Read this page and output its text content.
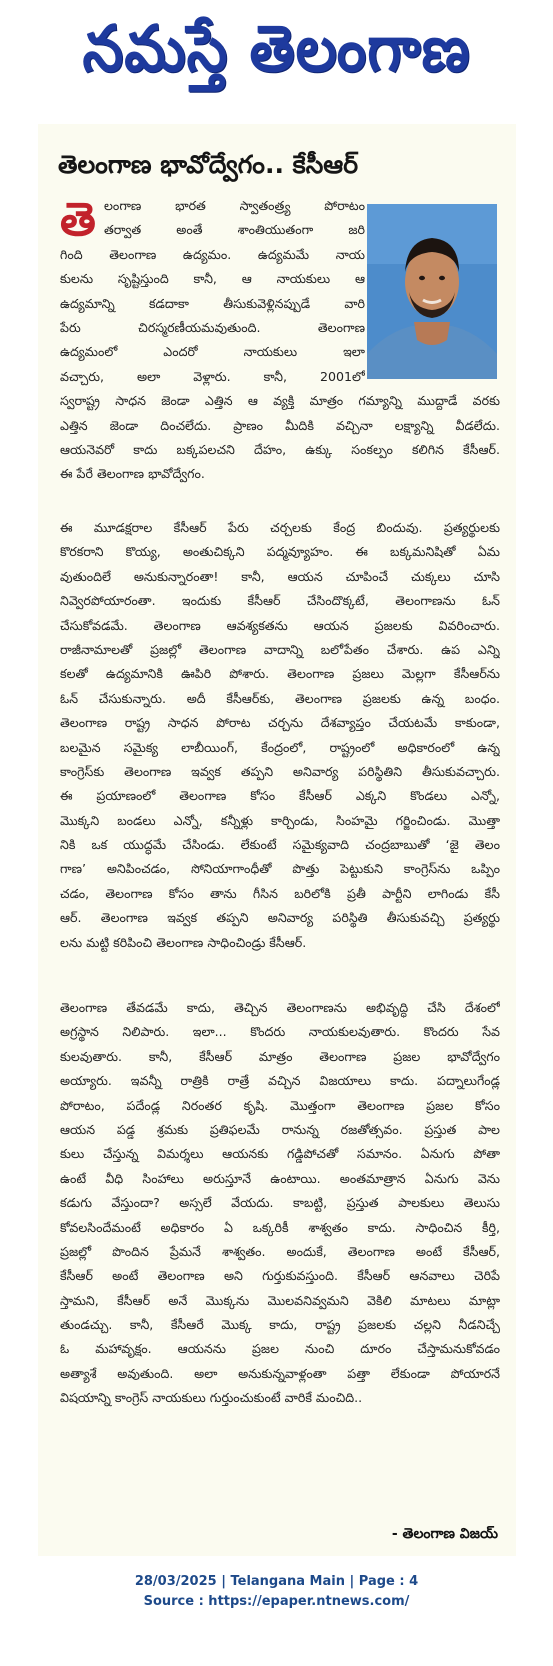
నమస్తే తెలంగాణ
తెలంగాణ భావోద్వేగం.. కేసీఆర్
తె లంగాణ భారత స్వాతంత్ర్య పోరాటం
తర్వాత అంతే శాంతియుతంగా జరి
గింది తెలంగాణ ఉద్యమం. ఉద్యమమే నాయ
కులను సృష్టిస్తుంది కానీ, ఆ నాయకులు ఆ
ఉద్యమాన్ని కడదాకా తీసుకువెళ్లినప్పుడే వారి
పేరు చిరస్మరణీయమవుతుంది. తెలంగాణ
ఉద్యమంలో ఎందరో నాయకులు ఇలా
వచ్చారు, అలా వెళ్లారు. కానీ, 2001లో
స్వరాష్ట్ర సాధన జెండా ఎత్తిన ఆ వ్యక్తి మాత్రం గమ్యాన్ని ముద్దాడే వరకు
ఎత్తిన జెండా దించలేదు. ప్రాణం మీదికి వచ్చినా లక్ష్యాన్ని వీడలేదు.
ఆయనెవరో కాదు బక్కపలచని దేహం, ఉక్కు సంకల్పం కలిగిన కేసీఆర్.
ఈ పేరే తెలంగాణ భావోద్వేగం.
ఈ మూడక్షరాల కేసీఆర్ పేరు చర్చలకు కేంద్ర బిందువు. ప్రత్యర్థులకు
కొరకరాని కొయ్య, అంతుచిక్కని పద్మవ్యూహం. ఈ బక్కమనిషితో ఏమ
వుతుందిలే అనుకున్నారంతా! కానీ, ఆయన చూపించే చుక్కలు చూసి
నివ్వెరపోయారంతా. ఇందుకు కేసీఆర్ చేసిందొక్కటే, తెలంగాణను ఓన్
చేసుకోవడమే. తెలంగాణ ఆవశ్యకతను ఆయన ప్రజలకు వివరించారు.
రాజీనామాలతో ప్రజల్లో తెలంగాణ వాదాన్ని బలోపేతం చేశారు. ఉప ఎన్ని
కలతో ఉద్యమానికి ఊపిరి పోశారు. తెలంగాణ ప్రజలు మెల్లగా కేసీఆర్‌ను
ఓన్ చేసుకున్నారు. అదీ కేసీఆర్‌కు, తెలంగాణ ప్రజలకు ఉన్న బంధం.
తెలంగాణ రాష్ట్ర సాధన పోరాట చర్చను దేశవ్యాప్తం చేయటమే కాకుండా,
బలమైన సమైక్య లాబీయింగ్, కేంద్రంలో, రాష్ట్రంలో అధికారంలో ఉన్న
కాంగ్రెస్‌కు తెలంగాణ ఇవ్వక తప్పని అనివార్య పరిస్థితిని తీసుకువచ్చారు.
ఈ ప్రయాణంలో తెలంగాణ కోసం కేసీఆర్ ఎక్కని కొండలు ఎన్నో,
మొక్కని బండలు ఎన్నో, కన్నీళ్లు కార్చిండు, సింహమై గర్జించిండు. మొత్తా
నికి ఒక యుద్ధమే చేసిండు. లేకుంటే సమైక్యవాది చంద్రబాబుతో ‘జై తెలం
గాణ’ అనిపించడం, సోనియాగాంధీతో పొత్తు పెట్టుకుని కాంగ్రెస్‌ను ఒప్పిం
చడం, తెలంగాణ కోసం తాను గీసిన బరిలోకి ప్రతీ పార్టీని లాగిండు కేసీ
ఆర్. తెలంగాణ ఇవ్వక తప్పని అనివార్య పరిస్థితి తీసుకువచ్చి ప్రత్యర్థు
లను మట్టి కరిపించి తెలంగాణ సాధించిండ్రు కేసీఆర్.
తెలంగాణ తేవడమే కాదు, తెచ్చిన తెలంగాణను అభివృద్ధి చేసి దేశంలో
అగ్రస్థాన నిలిపారు. ఇలా... కొందరు నాయకులవుతారు. కొందరు సేవ
కులవుతారు. కానీ, కేసీఆర్ మాత్రం తెలంగాణ ప్రజల భావోద్వేగం
అయ్యారు. ఇవన్నీ రాత్రికి రాత్రే వచ్చిన విజయాలు కాదు. పద్నాలుగేండ్ల
పోరాటం, పదేండ్ల నిరంతర కృషి. మొత్తంగా తెలంగాణ ప్రజల కోసం
ఆయన పడ్డ శ్రమకు ప్రతిఫలమే రానున్న రజతోత్సవం. ప్రస్తుత పాల
కులు చేస్తున్న విమర్శలు ఆయనకు గడ్డిపోచతో సమానం. ఏనుగు పోతా
ఉంటే వీధి సింహాలు అరుస్తూనే ఉంటాయి. అంతమాత్రాన ఏనుగు వెను
కడుగు వేస్తుందా? అస్సలే వేయదు. కాబట్టి, ప్రస్తుత పాలకులు తెలుసు
కోవలసిందేమంటే అధికారం ఏ ఒక్కరికీ శాశ్వతం కాదు. సాధించిన కీర్తి,
ప్రజల్లో పొందిన ప్రేమనే శాశ్వతం. అందుకే, తెలంగాణ అంటే కేసీఆర్,
కేసీఆర్ అంటే తెలంగాణ అని గుర్తుకువస్తుంది. కేసీఆర్ ఆనవాలు చెరిపే
స్తామని, కేసీఆర్ అనే మొక్కను మొలవనివ్వమని వెకిలి మాటలు మాట్లా
తుండచ్చు. కానీ, కేసీఆరే మొక్క కాదు, రాష్ట్ర ప్రజలకు చల్లని నీడనిచ్చే
ఓ మహావృక్షం. ఆయనను ప్రజల నుంచి దూరం చేస్తామనుకోవడం
అత్యాశే అవుతుంది. అలా అనుకున్నవాళ్లంతా పత్తా లేకుండా పోయారనే
విషయాన్ని కాంగ్రెస్ నాయకులు గుర్తుంచుకుంటే వారికే మంచిది..
- తెలంగాణ విజయ్
28/03/2025 | Telangana Main | Page : 4
Source : https://epaper.ntnews.com/
